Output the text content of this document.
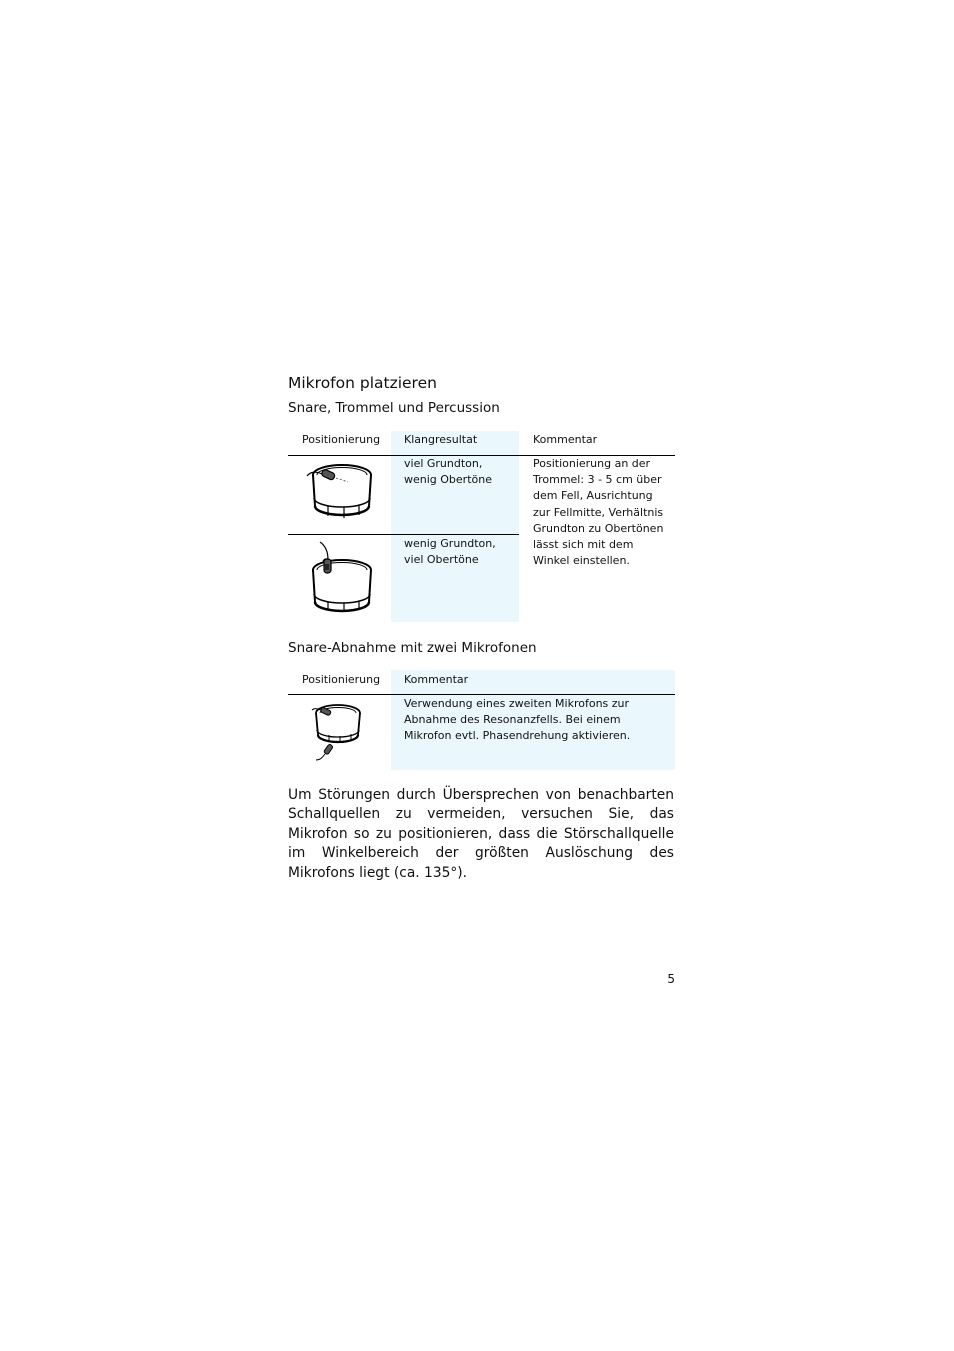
Mikrofon platzieren
Snare, Trommel und Percussion
Positionierung Klangresultat	Kommentar
viel Grundton,
wenig Obertöne
wenig Grundton,
viel Obertöne
Positionierung an der Trommel: 3 - 5 cm über dem Fell, Ausrichtung zur Fellmitte, Verhältnis Grundton zu Obertönen lässt sich mit dem Winkel einstellen.
Snare-Abnahme mit zwei Mikrofonen
Positionierung Kommentar
Verwendung eines zweiten Mikrofons zur Abnahme des Resonanzfells. Bei einem Mikrofon evtl. Phasendrehung aktivieren.
Um Störungen durch Übersprechen von benachbarten Schallquellen zu vermeiden, versuchen Sie, das Mikrofon so zu positionieren, dass die Störschallquelle im Winkelbereich der größten Auslöschung des Mikrofons liegt (ca. 135°).
5
